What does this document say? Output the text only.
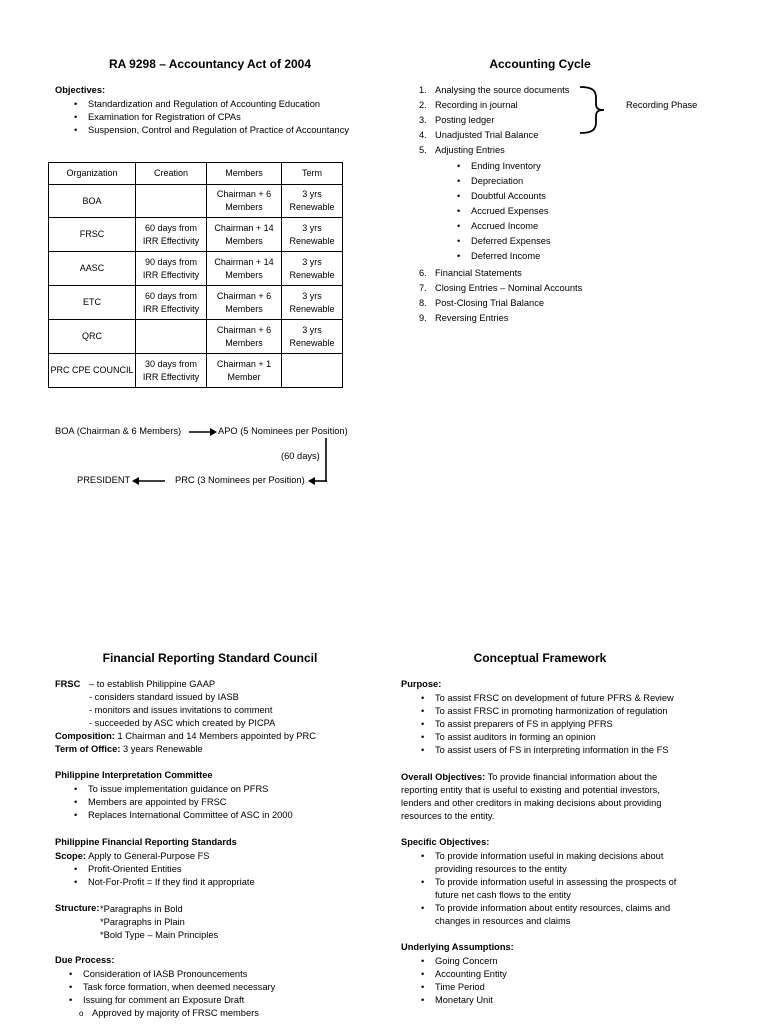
RA 9298 – Accountancy Act of 2004
Objectives:
• Standardization and Regulation of Accounting Education
• Examination for Registration of CPAs
• Suspension, Control and Regulation of Practice of Accountancy
Organization	Creation	Members	Term
BOA		Chairman + 6 Members	3 yrs Renewable
FRSC	60 days from IRR Effectivity	Chairman + 14 Members	3 yrs Renewable
AASC	90 days from IRR Effectivity	Chairman + 14 Members	3 yrs Renewable
ETC	60 days from IRR Effectivity	Chairman + 6 Members	3 yrs Renewable
QRC		Chairman + 6 Members	3 yrs Renewable
PRC CPE COUNCIL	30 days from IRR Effectivity	Chairman + 1 Member	
BOA (Chairman & 6 Members)	APO (5 Nominees per Position)
(60 days)
PRC (3 Nominees per Position)
PRESIDENT
Accounting Cycle
1. Analysing the source documents
2. Recording in journal
3. Posting ledger
4. Unadjusted Trial Balance
5. Adjusting Entries
Recording Phase
• Ending Inventory
• Depreciation
• Doubtful Accounts
• Accrued Expenses
• Accrued Income
• Deferred Expenses
• Deferred Income
6. Financial Statements
7. Closing Entries – Nominal Accounts
8. Post-Closing Trial Balance
9. Reversing Entries
Financial Reporting Standard Council
FRSC – to establish Philippine GAAP
- considers standard issued by IASB
- monitors and issues invitations to comment
- succeeded by ASC which created by PICPA
Composition: 1 Chairman and 14 Members appointed by PRC
Term of Office: 3 years Renewable
Philippine Interpretation Committee
• To issue implementation guidance on PFRS
• Members are appointed by FRSC
• Replaces International Committee of ASC in 2000
Philippine Financial Reporting Standards
Scope: Apply to General-Purpose FS
• Profit-Oriented Entities
• Not-For-Profit = If they find it appropriate
Structure: *Paragraphs in Bold
*Paragraphs in Plain
*Bold Type – Main Principles
Due Process:
• Consideration of IASB Pronouncements
• Task force formation, when deemed necessary
• Issuing for comment an Exposure Draft
o Approved by majority of FRSC members
Conceptual Framework
Purpose:
• To assist FRSC on development of future PFRS & Review
• To assist FRSC in promoting harmonization of regulation
• To assist preparers of FS in applying PFRS
• To assist auditors in forming an opinion
• To assist users of FS in interpreting information in the FS
Overall Objectives: To provide financial information about the
reporting entity that is useful to existing and potential investors,
lenders and other creditors in making decisions about providing
resources to the entity.
Specific Objectives:
• To provide information useful in making decisions about
providing resources to the entity
• To provide information useful in assessing the prospects of
future net cash flows to the entity
• To provide information about entity resources, claims and
changes in resources and claims
Underlying Assumptions:
• Going Concern
• Accounting Entity
• Time Period
• Monetary Unit
